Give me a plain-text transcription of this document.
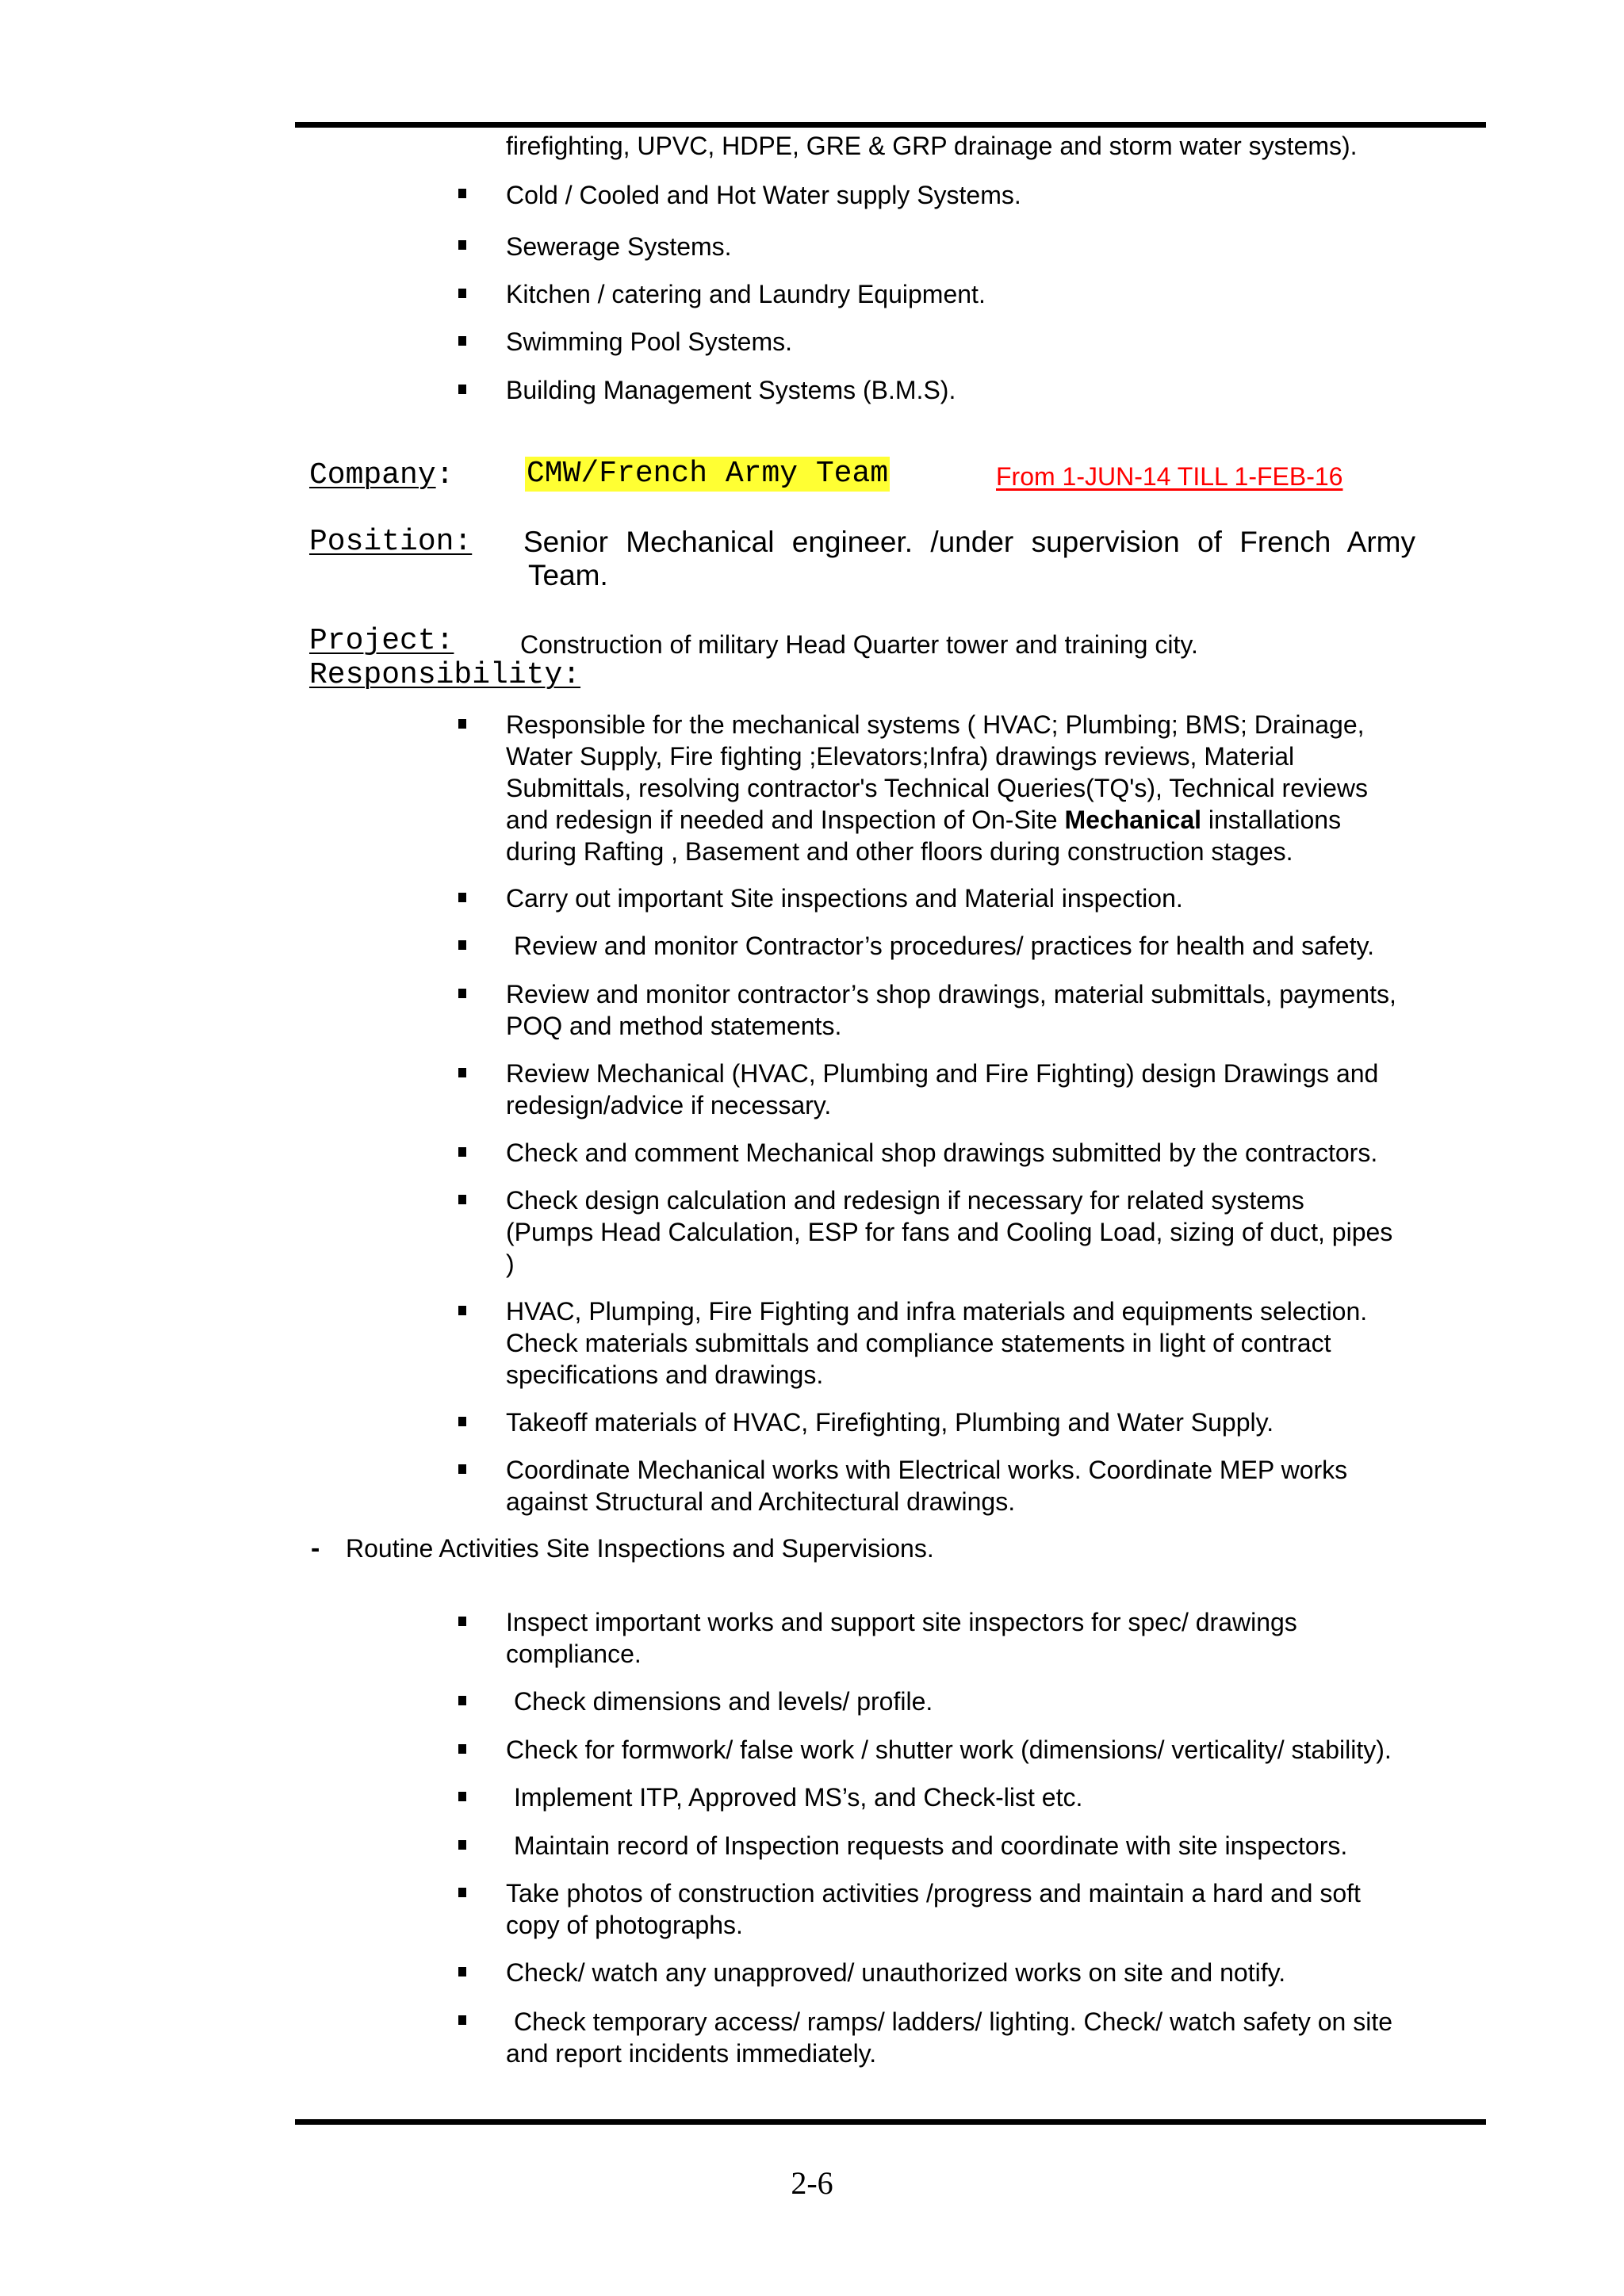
firefighting, UPVC, HDPE, GRE & GRP drainage and storm water systems).
Cold / Cooled and Hot Water supply Systems.
Sewerage Systems.
Kitchen / catering and Laundry Equipment.
Swimming Pool Systems.
Building Management Systems (B.M.S).
Company: CMW/French Army Team	From 1-JUN-14 TILL 1-FEB-16
Position: Senior Mechanical engineer. /under supervision of French Army
Team.
Project:	Construction of military Head Quarter tower and training city.
Responsibility:
Responsible for the mechanical systems ( HVAC; Plumbing; BMS; Drainage,
Water Supply, Fire fighting ;Elevators;Infra) drawings reviews, Material
Submittals, resolving contractor's Technical Queries(TQ's), Technical reviews
and redesign if needed and Inspection of On-Site Mechanical installations
during Rafting , Basement and other floors during construction stages.
Carry out important Site inspections and Material inspection.
Review and monitor Contractor’s procedures/ practices for health and safety.
Review and monitor contractor’s shop drawings, material submittals, payments,
POQ and method statements.
Review Mechanical (HVAC, Plumbing and Fire Fighting) design Drawings and
redesign/advice if necessary.
Check and comment Mechanical shop drawings submitted by the contractors.
Check design calculation and redesign if necessary for related systems
(Pumps Head Calculation, ESP for fans and Cooling Load, sizing of duct, pipes
)
HVAC, Plumping, Fire Fighting and infra materials and equipments selection.
Check materials submittals and compliance statements in light of contract
specifications and drawings.
Takeoff materials of HVAC, Firefighting, Plumbing and Water Supply.
Coordinate Mechanical works with Electrical works. Coordinate MEP works
against Structural and Architectural drawings.
- Routine Activities Site Inspections and Supervisions.
Inspect important works and support site inspectors for spec/ drawings
compliance.
Check dimensions and levels/ profile.
Check for formwork/ false work / shutter work (dimensions/ verticality/ stability).
Implement ITP, Approved MS’s, and Check-list etc.
Maintain record of Inspection requests and coordinate with site inspectors.
Take photos of construction activities /progress and maintain a hard and soft
copy of photographs.
Check/ watch any unapproved/ unauthorized works on site and notify.
Check temporary access/ ramps/ ladders/ lighting. Check/ watch safety on site
and report incidents immediately.
2-6
